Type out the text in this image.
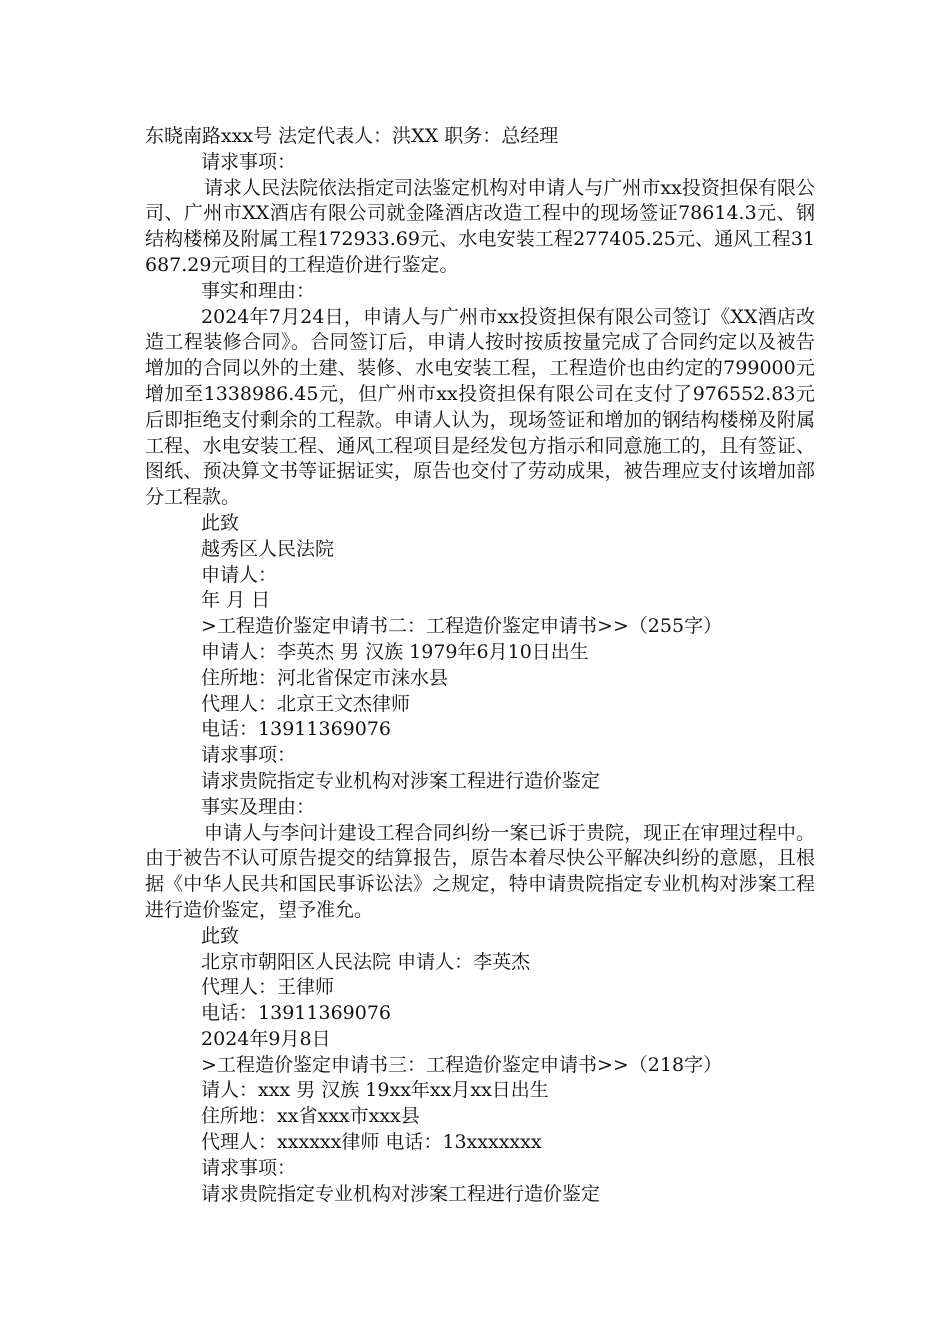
东晓南路xxx号 法定代表人：洪XX 职务：总经理

请求事项：

请求人民法院依法指定司法鉴定机构对申请人与广州市xx投资担保有限公司、广州市XX酒店有限公司就金隆酒店改造工程中的现场签证78614.3元、钢结构楼梯及附属工程172933.69元、水电安装工程277405.25元、通风工程31687.29元项目的工程造价进行鉴定。

事实和理由：

2024年7月24日，申请人与广州市xx投资担保有限公司签订《XX酒店改造工程装修合同》。合同签订后，申请人按时按质按量完成了合同约定以及被告增加的合同以外的土建、装修、水电安装工程，工程造价也由约定的799000元增加至1338986.45元，但广州市xx投资担保有限公司在支付了976552.83元后即拒绝支付剩余的工程款。申请人认为，现场签证和增加的钢结构楼梯及附属工程、水电安装工程、通风工程项目是经发包方指示和同意施工的，且有签证、图纸、预决算文书等证据证实，原告也交付了劳动成果，被告理应支付该增加部分工程款。

此致

越秀区人民法院

申请人：

年 月 日

>工程造价鉴定申请书二：工程造价鉴定申请书>>（255字）

申请人：李英杰 男 汉族 1979年6月10日出生

住所地：河北省保定市涞水县

代理人：北京王文杰律师

电话：13911369076

请求事项：

请求贵院指定专业机构对涉案工程进行造价鉴定

事实及理由：

申请人与李问计建设工程合同纠纷一案已诉于贵院，现正在审理过程中。由于被告不认可原告提交的结算报告，原告本着尽快公平解决纠纷的意愿，且根据《中华人民共和国民事诉讼法》之规定，特申请贵院指定专业机构对涉案工程进行造价鉴定，望予准允。

此致

北京市朝阳区人民法院 申请人：李英杰

代理人：王律师

电话：13911369076

2024年9月8日

>工程造价鉴定申请书三：工程造价鉴定申请书>>（218字）

请人：xxx 男 汉族 19xx年xx月xx日出生

住所地：xx省xxx市xxx县

代理人：xxxxxx律师 电话：13xxxxxxx

请求事项：

请求贵院指定专业机构对涉案工程进行造价鉴定
